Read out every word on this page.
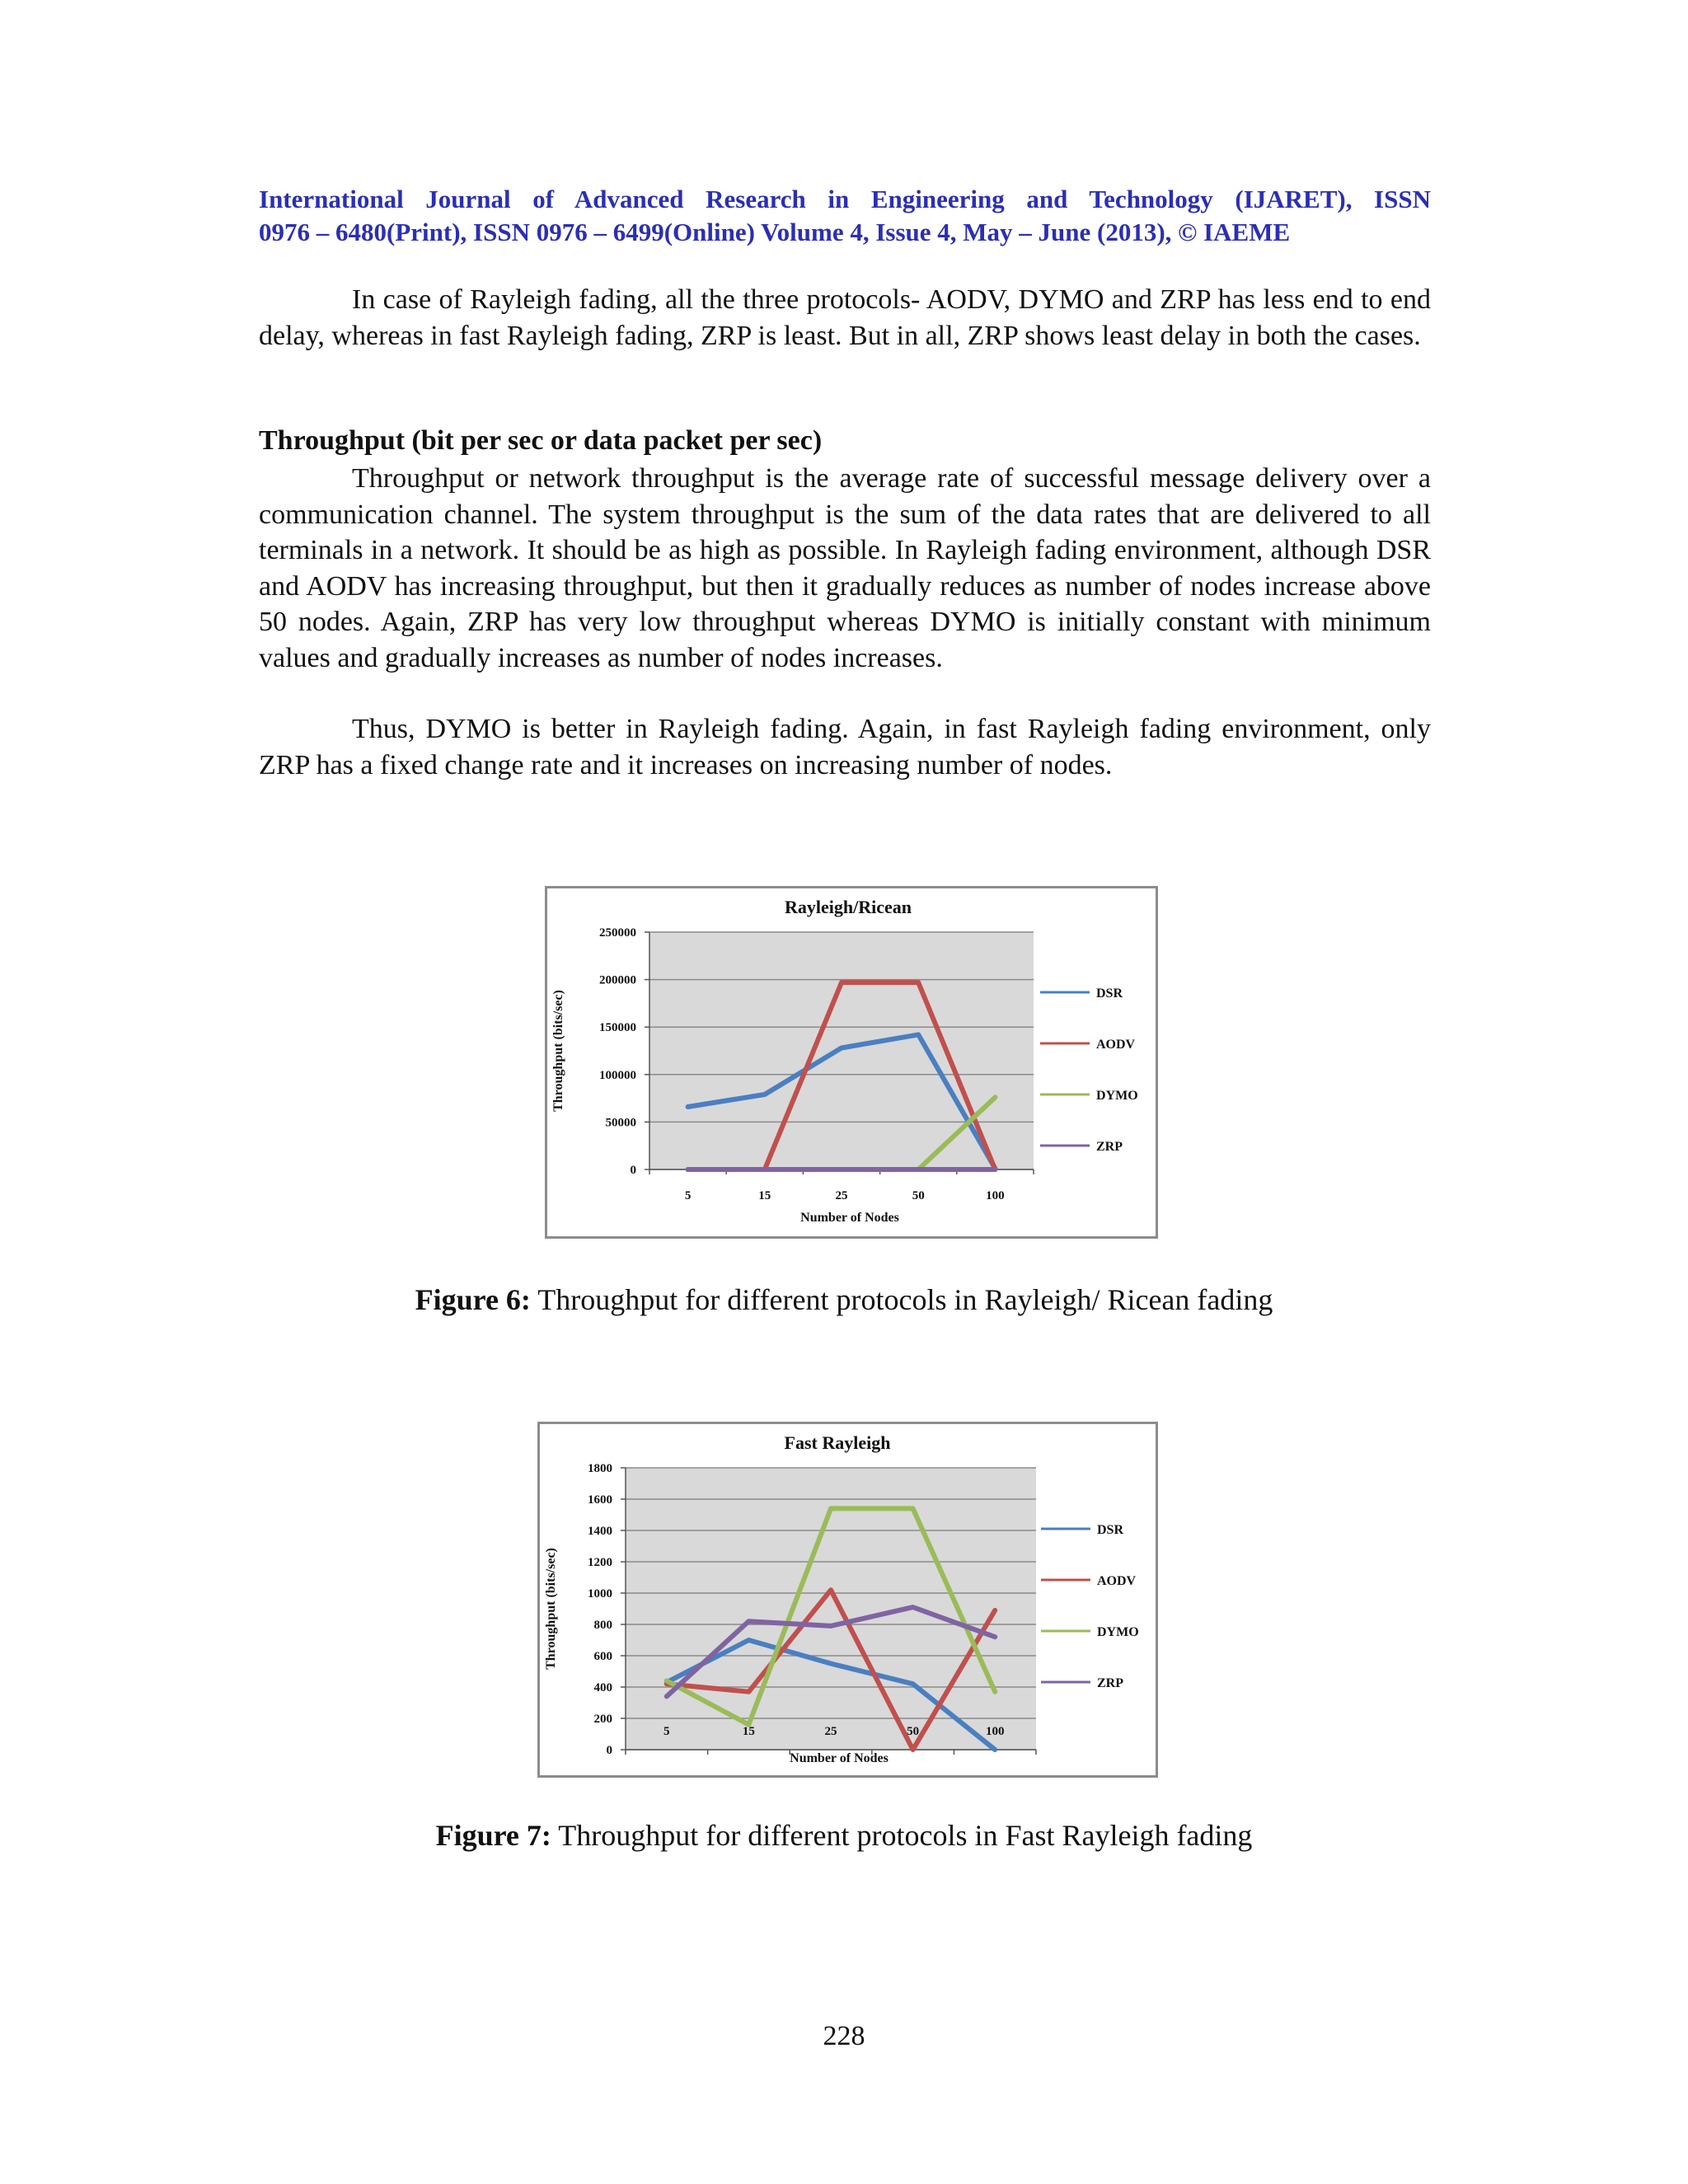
International Journal of Advanced Research in Engineering and Technology (IJARET), ISSN
0976 – 6480(Print), ISSN 0976 – 6499(Online) Volume 4, Issue 4, May – June (2013), © IAEME

In case of Rayleigh fading, all the three protocols- AODV, DYMO and ZRP has less end to end delay, whereas in fast Rayleigh fading, ZRP is least. But in all, ZRP shows least delay in both the cases.

Throughput (bit per sec or data packet per sec)

Throughput or network throughput is the average rate of successful message delivery over a communication channel. The system throughput is the sum of the data rates that are delivered to all terminals in a network. It should be as high as possible. In Rayleigh fading environment, although DSR and AODV has increasing throughput, but then it gradually reduces as number of nodes increase above 50 nodes. Again, ZRP has very low throughput whereas DYMO is initially constant with minimum values and gradually increases as number of nodes increases.

Thus, DYMO is better in Rayleigh fading. Again, in fast Rayleigh fading environment, only ZRP has a fixed change rate and it increases on increasing number of nodes.

0
50000
100000
150000
200000
250000
5	15	25	50	100
Rayleigh/Ricean
Number of Nodes
Throughput (bits/sec)	DSR
AODV
DYMO
ZRP
Figure 6: Throughput for different protocols in Rayleigh/ Ricean fading
0
200
400
600
800
1000
1200
1400
1600
1800
5	15	25	50	100
Fast Rayleigh
Number of Nodes
Throughput (bits/sec)
DSR
AODV
DYMO
ZRP
Figure 7: Throughput for different protocols in Fast Rayleigh fading
228
